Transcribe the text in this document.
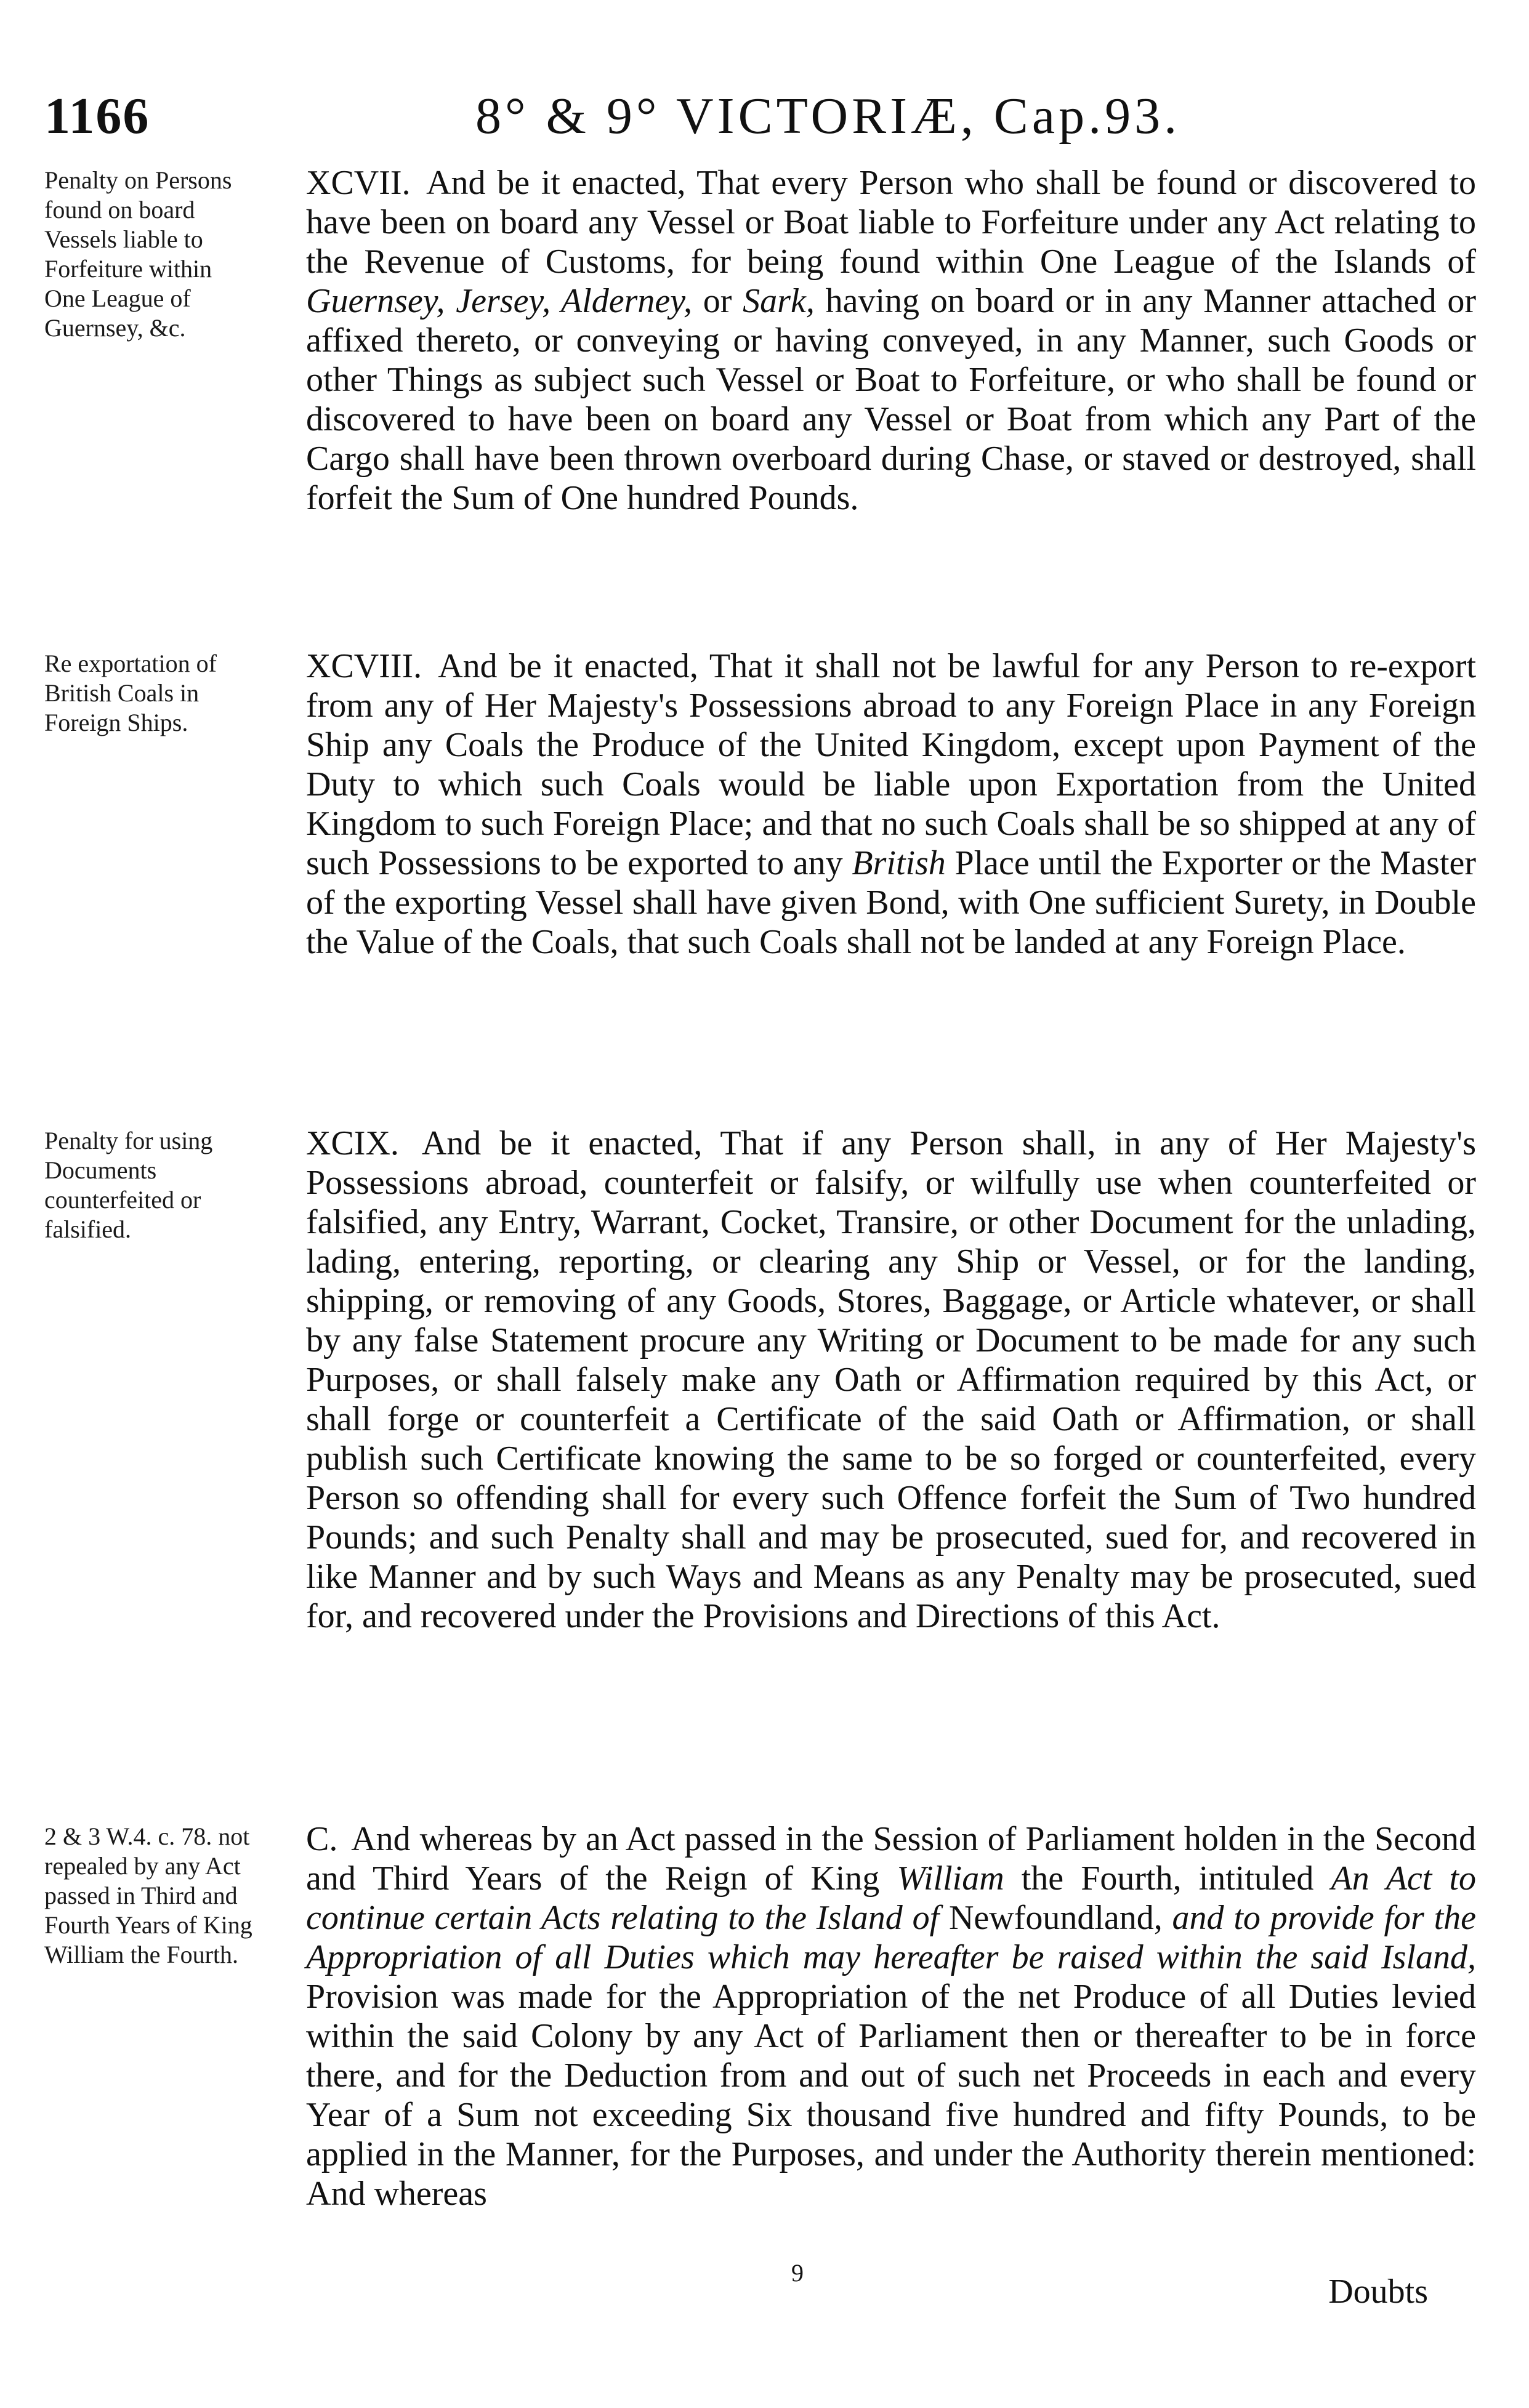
1166	8° & 9° VICTORIÆ, Cap.93.
Penalty on Persons found on board Vessels liable to Forfeiture within One League of Guernsey, &c.
XCVII. And be it enacted, That every Person who shall be found or discovered to have been on board any Vessel or Boat liable to Forfeiture under any Act relating to the Revenue of Customs, for being found within One League of the Islands of Guernsey, Jersey, Alderney, or Sark, having on board or in any Manner attached or affixed thereto, or conveying or having conveyed, in any Manner, such Goods or other Things as subject such Vessel or Boat to Forfeiture, or who shall be found or discovered to have been on board any Vessel or Boat from which any Part of the Cargo shall have been thrown overboard during Chase, or staved or destroyed, shall forfeit the Sum of One hundred Pounds.
Re exportation of British Coals in Foreign Ships.
XCVIII. And be it enacted, That it shall not be lawful for any Person to re-export from any of Her Majesty's Possessions abroad to any Foreign Place in any Foreign Ship any Coals the Produce of the United Kingdom, except upon Payment of the Duty to which such Coals would be liable upon Exportation from the United Kingdom to such Foreign Place; and that no such Coals shall be so shipped at any of such Possessions to be exported to any British Place until the Exporter or the Master of the exporting Vessel shall have given Bond, with One sufficient Surety, in Double the Value of the Coals, that such Coals shall not be landed at any Foreign Place.
Penalty for using Documents counterfeited or falsified.
XCIX. And be it enacted, That if any Person shall, in any of Her Majesty's Possessions abroad, counterfeit or falsify, or wilfully use when counterfeited or falsified, any Entry, Warrant, Cocket, Transire, or other Document for the unlading, lading, entering, reporting, or clearing any Ship or Vessel, or for the landing, shipping, or removing of any Goods, Stores, Baggage, or Article whatever, or shall by any false Statement procure any Writing or Document to be made for any such Purposes, or shall falsely make any Oath or Affirmation required by this Act, or shall forge or counterfeit a Certificate of the said Oath or Affirmation, or shall publish such Certificate knowing the same to be so forged or counterfeited, every Person so offending shall for every such Offence forfeit the Sum of Two hundred Pounds; and such Penalty shall and may be prosecuted, sued for, and recovered in like Manner and by such Ways and Means as any Penalty may be prosecuted, sued for, and recovered under the Provisions and Directions of this Act.
2 & 3 W.4. c. 78. not repealed by any Act passed in Third and Fourth Years of King William the Fourth.
C. And whereas by an Act passed in the Session of Parliament holden in the Second and Third Years of the Reign of King William the Fourth, intituled An Act to continue certain Acts relating to the Island of Newfoundland, and to provide for the Appropriation of all Duties which may hereafter be raised within the said Island, Provision was made for the Appropriation of the net Produce of all Duties levied within the said Colony by any Act of Parliament then or thereafter to be in force there, and for the Deduction from and out of such net Proceeds in each and every Year of a Sum not exceeding Six thousand five hundred and fifty Pounds, to be applied in the Manner, for the Purposes, and under the Authority therein mentioned: And whereas
9	Doubts
